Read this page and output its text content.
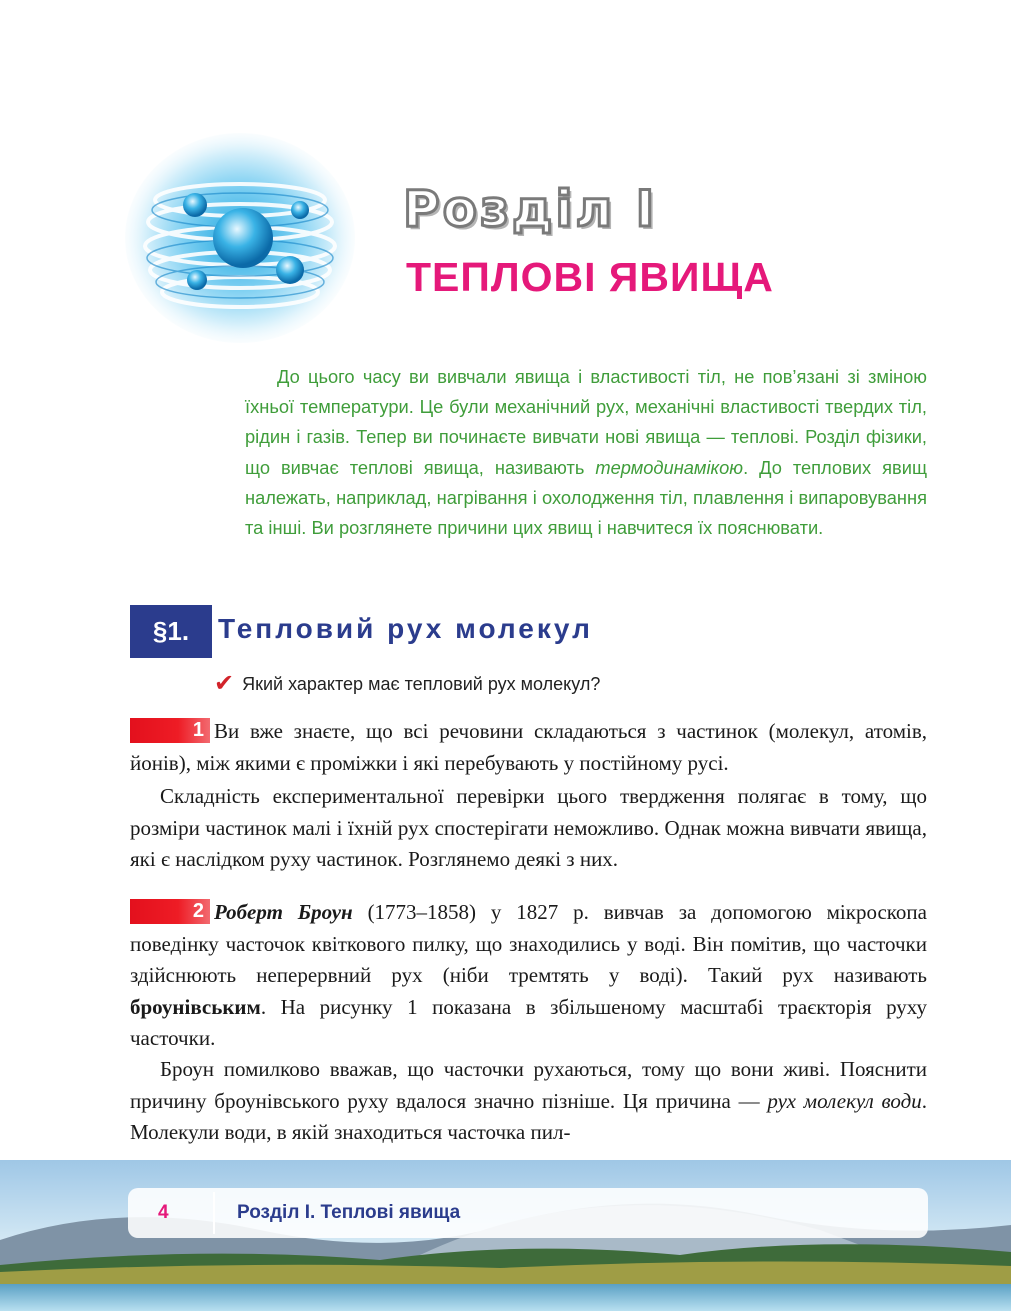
Розділ I
ТЕПЛОВІ ЯВИЩА

До цього часу ви вивчали явища і властивості тіл, не пов’язані зі зміною їхньої температури. Це були механічний рух, механічні властивості твердих тіл, рідин і газів. Тепер ви починаєте вивчати нові явища — теплові. Розділ фізики, що вивчає теплові явища, називають термодинамікою. До теплових явищ належать, наприклад, нагрівання і охолодження тіл, плавлення і випаровування та інші. Ви розглянете причини цих явищ і навчитеся їх пояснювати.

§1.	Тепловий рух молекул
✔ Який характер має тепловий рух молекул?

1 Ви вже знаєте, що всі речовини складаються з частинок (молекул, атомів, йонів), між якими є проміжки і які перебувають у постійному русі.

Складність експериментальної перевірки цього твердження полягає в тому, що розміри частинок малі і їхній рух спостерігати неможливо. Однак можна вивчати явища, які є наслідком руху частинок. Розглянемо деякі з них.

2 Роберт Броун (1773–1858) у 1827 р. вивчав за допомогою мікроскопа поведінку часточок квіткового пилку, що знаходились у воді. Він помітив, що часточки здійснюють неперервний рух (ніби тремтять у воді). Такий рух називають броунівським. На рисунку 1 показана в збільшеному масштабі траєкторія руху часточки.

Броун помилково вважав, що часточки рухаються, тому що вони живі. Пояснити причину броунівського руху вдалося значно пізніше. Ця причина — рух молекул води. Молекули води, в якій знаходиться часточка пил-

4	Розділ І. Теплові явища
